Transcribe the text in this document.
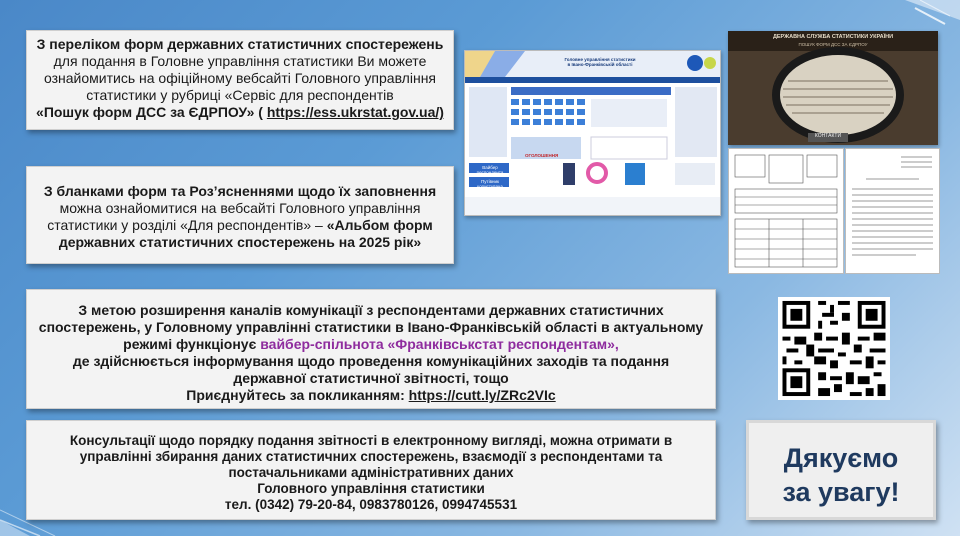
З переліком форм державних статистичних спостережень
для подання в Головне управління статистики Ви можете ознайомитись на офіційному вебсайті Головного управління статистики у рубриці «Сервіс для респондентів
«Пошук форм ДСС за ЄДРПОУ» ( https://ess.ukrstat.gov.ua/)
З бланками форм та Роз’ясненнями щодо їх заповнення
можна ознайомитися на вебсайті Головного управління статистики у розділі «Для респондентів» – «Альбом форм державних статистичних спостережень на 2025 рік»
З метою розширення каналів комунікації з респондентами державних статистичних спостережень, у Головному управлінні статистики в Івано-Франківській області в актуальному режимі функціонує вайбер-спільнота «Франківськстат респондентам»,
де здійснюється інформування щодо проведення комунікаційних заходів та подання державної статистичної звітності, тощо
Приєднуйтесь за покликанням: https://cutt.ly/ZRc2VIc
Консультації щодо порядку подання звітності в електронному вигляді, можна отримати в управлінні збирання даних статистичних спостережень, взаємодії з респондентами та постачальниками адміністративних даних
Головного управління статистики
тел. (0342) 79-20-84, 0983780126, 0994745531
Дякуємо
за увагу!
Головне управління статистики
в Івано-Франківській області
Вайбер респондента
Путівник користувача
ОГОЛОШЕННЯ
ДЕРЖАВНА СЛУЖБА СТАТИСТИКИ УКРАЇНИ
ПОШУК ФОРМ ДСС ЗА ЄДРПОУ
КОНТАКТИ
